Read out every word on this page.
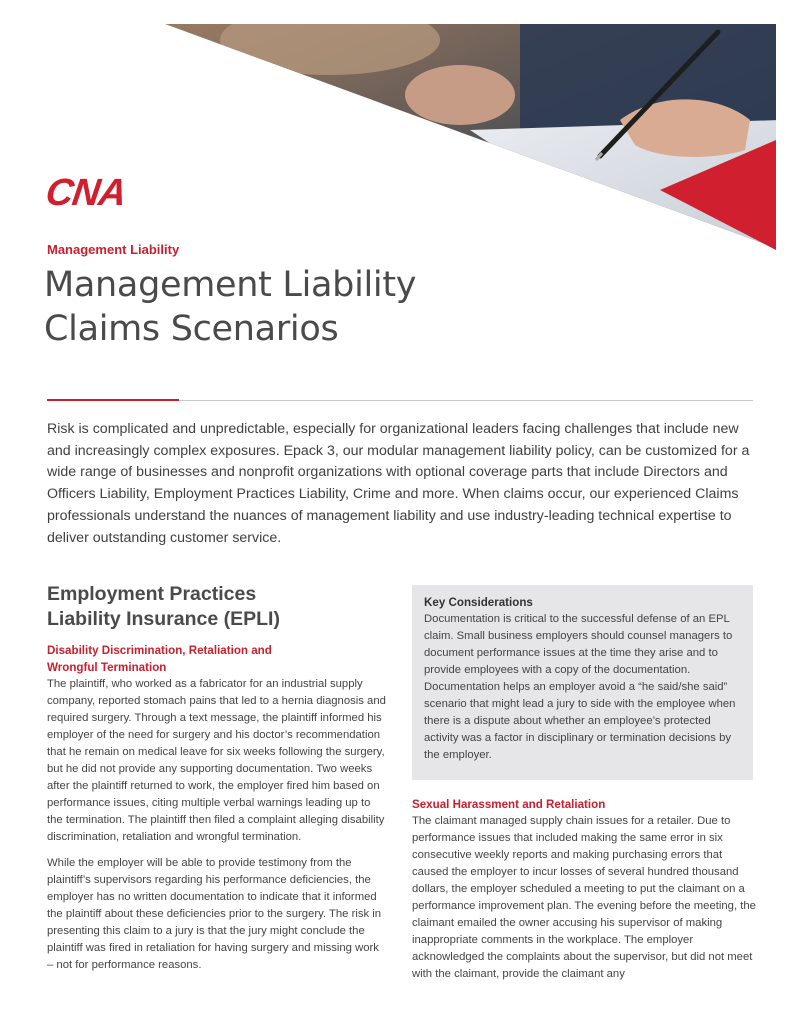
CNA
Management Liability
Management Liability
Claims Scenarios

Risk is complicated and unpredictable, especially for organizational leaders facing challenges that include new and increasingly complex exposures. Epack 3, our modular management liability policy, can be customized for a wide range of businesses and nonprofit organizations with optional coverage parts that include Directors and Officers Liability, Employment Practices Liability, Crime and more. When claims occur, our experienced Claims professionals understand the nuances of management liability and use industry-leading technical expertise to deliver outstanding customer service.

Employment Practices
Liability Insurance (EPLI)
Disability Discrimination, Retaliation and
Wrongful Termination

The plaintiff, who worked as a fabricator for an industrial supply company, reported stomach pains that led to a hernia diagnosis and required surgery. Through a text message, the plaintiff informed his employer of the need for surgery and his doctor’s recommendation that he remain on medical leave for six weeks following the surgery, but he did not provide any supporting documentation. Two weeks after the plaintiff returned to work, the employer fired him based on performance issues, citing multiple verbal warnings leading up to the termination. The plaintiff then filed a complaint alleging disability discrimination, retaliation and wrongful termination.

While the employer will be able to provide testimony from the plaintiff’s supervisors regarding his performance deficiencies, the employer has no written documentation to indicate that it informed the plaintiff about these deficiencies prior to the surgery. The risk in presenting this claim to a jury is that the jury might conclude the plaintiff was fired in retaliation for having surgery and missing work – not for performance reasons.

Key Considerations

Documentation is critical to the successful defense of an EPL claim. Small business employers should counsel managers to document performance issues at the time they arise and to provide employees with a copy of the documentation. Documentation helps an employer avoid a “he said/she said” scenario that might lead a jury to side with the employee when there is a dispute about whether an employee’s protected activity was a factor in disciplinary or termination decisions by the employer.

Sexual Harassment and Retaliation

The claimant managed supply chain issues for a retailer. Due to performance issues that included making the same error in six consecutive weekly reports and making purchasing errors that caused the employer to incur losses of several hundred thousand dollars, the employer scheduled a meeting to put the claimant on a performance improvement plan. The evening before the meeting, the claimant emailed the owner accusing his supervisor of making inappropriate comments in the workplace. The employer acknowledged the complaints about the supervisor, but did not meet with the claimant, provide the claimant any
